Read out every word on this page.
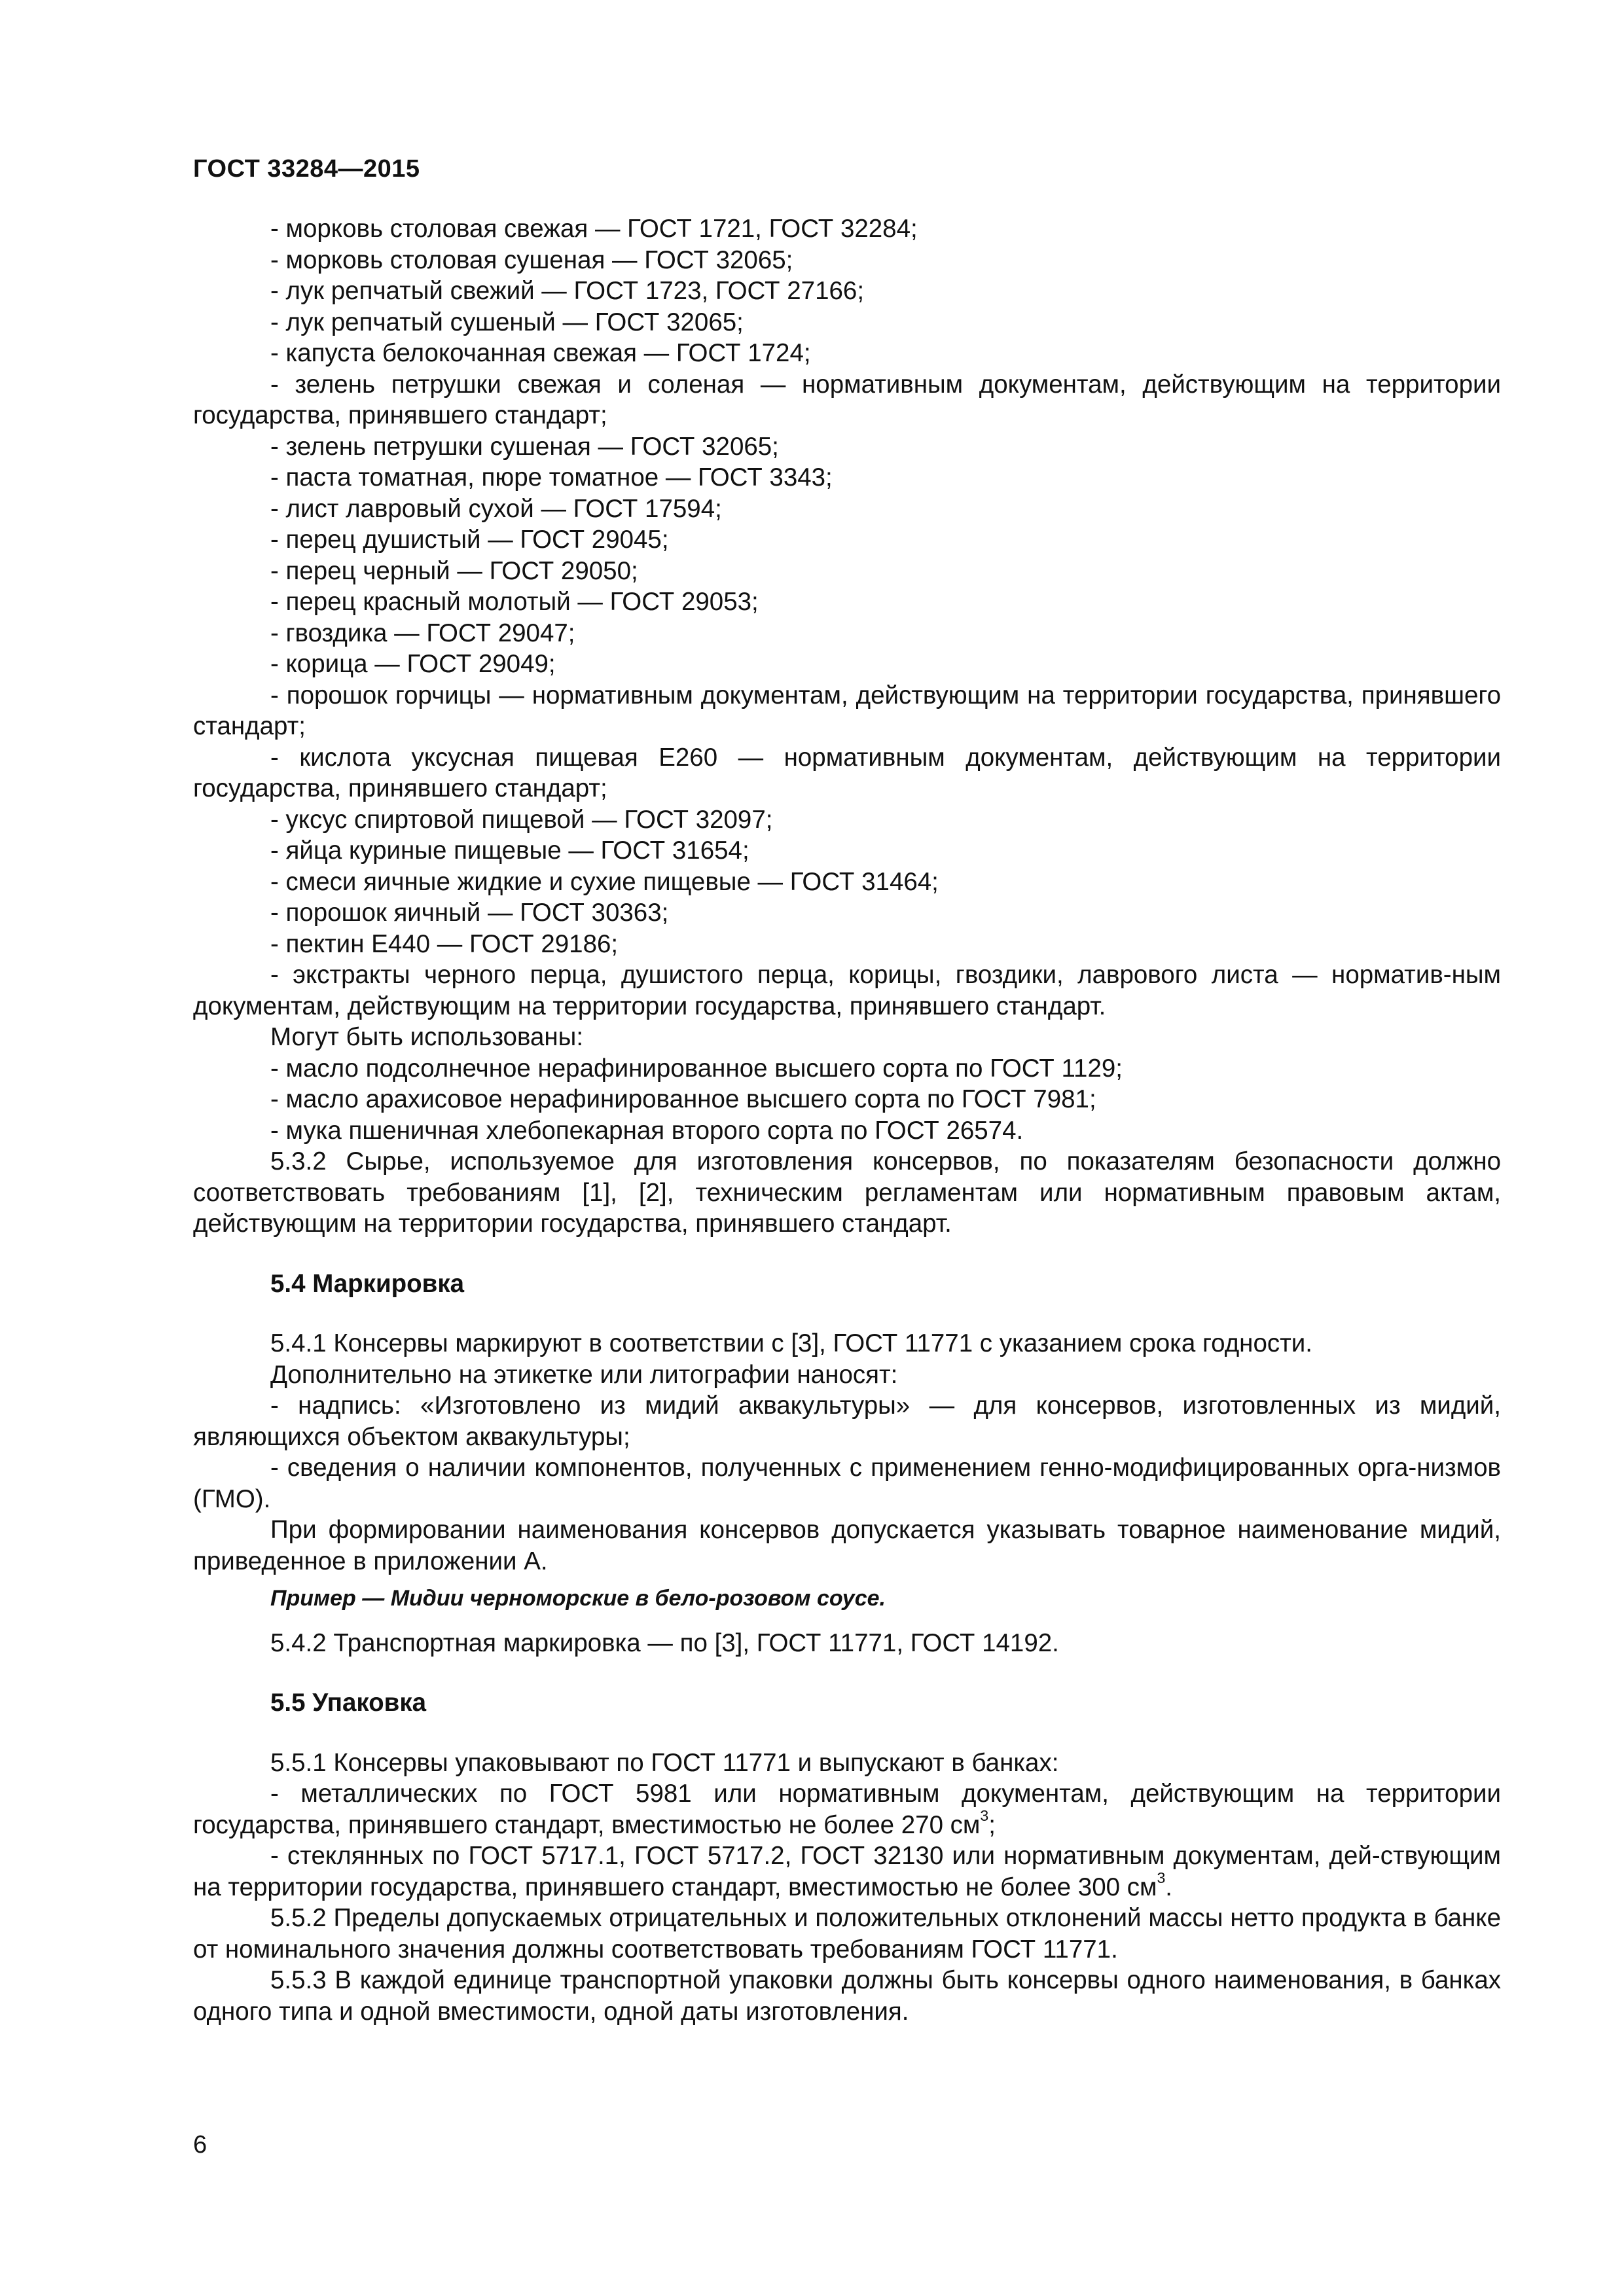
ГОСТ 33284—2015

- морковь столовая свежая — ГОСТ 1721, ГОСТ 32284;

- морковь столовая сушеная — ГОСТ 32065;

- лук репчатый свежий — ГОСТ 1723, ГОСТ 27166;

- лук репчатый сушеный — ГОСТ 32065;

- капуста белокочанная свежая — ГОСТ 1724;

- зелень петрушки свежая и соленая — нормативным документам, действующим на территории государства, принявшего стандарт;

- зелень петрушки сушеная — ГОСТ 32065;

- паста томатная, пюре томатное — ГОСТ 3343;

- лист лавровый сухой — ГОСТ 17594;

- перец душистый — ГОСТ 29045;

- перец черный — ГОСТ 29050;

- перец красный молотый — ГОСТ 29053;

- гвоздика — ГОСТ 29047;

- корица — ГОСТ 29049;

- порошок горчицы — нормативным документам, действующим на территории государства, принявшего стандарт;

- кислота уксусная пищевая Е260 — нормативным документам, действующим на территории государства, принявшего стандарт;

- уксус спиртовой пищевой — ГОСТ 32097;

- яйца куриные пищевые — ГОСТ 31654;

- смеси яичные жидкие и сухие пищевые — ГОСТ 31464;

- порошок яичный — ГОСТ 30363;

- пектин Е440 — ГОСТ 29186;

- экстракты черного перца, душистого перца, корицы, гвоздики, лаврового листа — норматив-ным документам, действующим на территории государства, принявшего стандарт.

Могут быть использованы:

- масло подсолнечное нерафинированное высшего сорта по ГОСТ 1129;

- масло арахисовое нерафинированное высшего сорта по ГОСТ 7981;

- мука пшеничная хлебопекарная второго сорта по ГОСТ 26574.

5.3.2 Сырье, используемое для изготовления консервов, по показателям безопасности должно соответствовать требованиям [1], [2], техническим регламентам или нормативным правовым актам, действующим на территории государства, принявшего стандарт.

5.4 Маркировка

5.4.1 Консервы маркируют в соответствии с [3], ГОСТ 11771 с указанием срока годности.

Дополнительно на этикетке или литографии наносят:

- надпись: «Изготовлено из мидий аквакультуры» — для консервов, изготовленных из мидий, являющихся объектом аквакультуры;

- сведения о наличии компонентов, полученных с применением генно-модифицированных орга-низмов (ГМО).

При формировании наименования консервов допускается указывать товарное наименование мидий, приведенное в приложении А.

Пример — Мидии черноморские в бело-розовом соусе.

5.4.2 Транспортная маркировка — по [3], ГОСТ 11771, ГОСТ 14192.

5.5 Упаковка

5.5.1 Консервы упаковывают по ГОСТ 11771 и выпускают в банках:

- металлических по ГОСТ 5981 или нормативным документам, действующим на территории государства, принявшего стандарт, вместимостью не более 270 $см^3$;

- стеклянных по ГОСТ 5717.1, ГОСТ 5717.2, ГОСТ 32130 или нормативным документам, дей-ствующим на территории государства, принявшего стандарт, вместимостью не более 300 $см^3$.

5.5.2 Пределы допускаемых отрицательных и положительных отклонений массы нетто продукта в банке от номинального значения должны соответствовать требованиям ГОСТ 11771.

5.5.3 В каждой единице транспортной упаковки должны быть консервы одного наименования, в банках одного типа и одной вместимости, одной даты изготовления.

6
